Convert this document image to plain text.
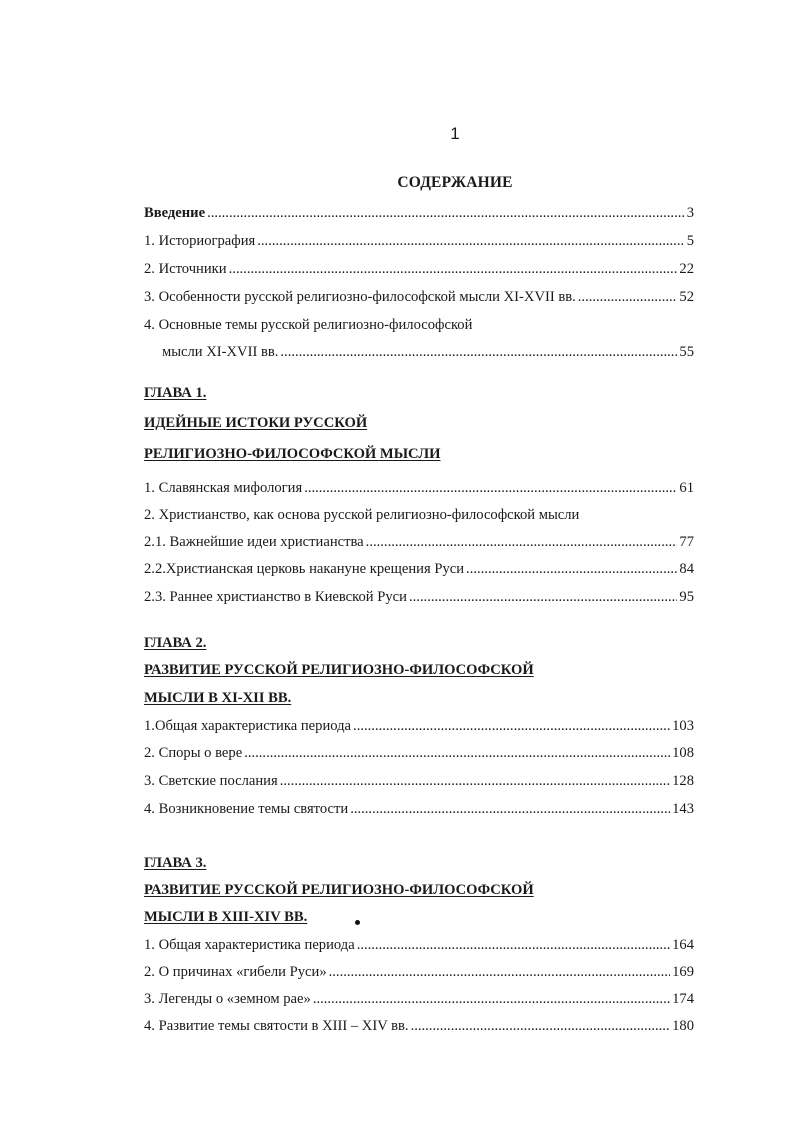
1
СОДЕРЖАНИЕ
Введение .....	3
1. Историография .....	5
2. Источники .....	22
3. Особенности русской религиозно-философской мысли XI-XVII вв. .....	52
4. Основные темы русской религиозно-философской
мысли XI-XVII вв. .....	55
ГЛАВА 1.
ИДЕЙНЫЕ ИСТОКИ РУССКОЙ
РЕЛИГИОЗНО-ФИЛОСОФСКОЙ МЫСЛИ
1. Славянская мифология .....	61
2. Христианство, как основа русской религиозно-философской мысли
2.1. Важнейшие идеи христианства .....	77
2.2.Христианская церковь накануне крещения Руси .....	84
2.3. Раннее христианство в Киевской Руси .....	95
ГЛАВА 2.
РАЗВИТИЕ РУССКОЙ РЕЛИГИОЗНО-ФИЛОСОФСКОЙ
МЫСЛИ В XI-XII ВВ.
1.Общая характеристика периода .....	103
2. Споры о вере .....	108
3. Светские послания .....	128
4. Возникновение темы святости .....	143
ГЛАВА 3.
РАЗВИТИЕ РУССКОЙ РЕЛИГИОЗНО-ФИЛОСОФСКОЙ
МЫСЛИ В XIII-XIV ВВ.
1. Общая характеристика периода .....	164
2. О причинах «гибели Руси» .....	169
3. Легенды о «земном рае» .....	174
4. Развитие темы святости в XIII – XIV вв. .....	180
